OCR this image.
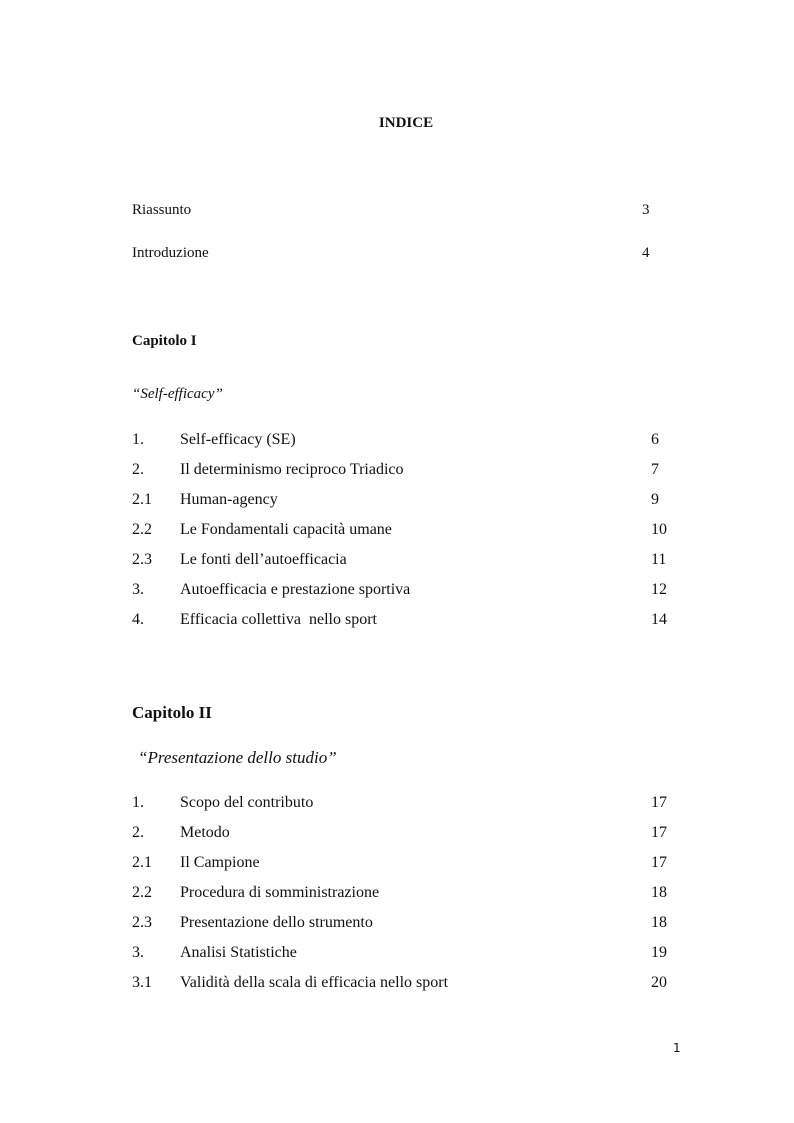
INDICE
Riassunto	3
Introduzione	4
Capitolo I
“Self-efficacy”
1. Self-efficacy (SE)	6
2. Il determinismo reciproco Triadico	7
2.1 Human-agency	9
2.2 Le Fondamentali capacità umane	10
2.3 Le fonti dell’autoefficacia	11
3. Autoefficacia e prestazione sportiva	12
4. Efficacia collettiva  nello sport	14
Capitolo II
“Presentazione dello studio”
1. Scopo del contributo	17
2. Metodo	17
2.1 Il Campione	17
2.2 Procedura di somministrazione	18
2.3 Presentazione dello strumento	18
3. Analisi Statistiche	19
3.1 Validità della scala di efficacia nello sport	20
1
